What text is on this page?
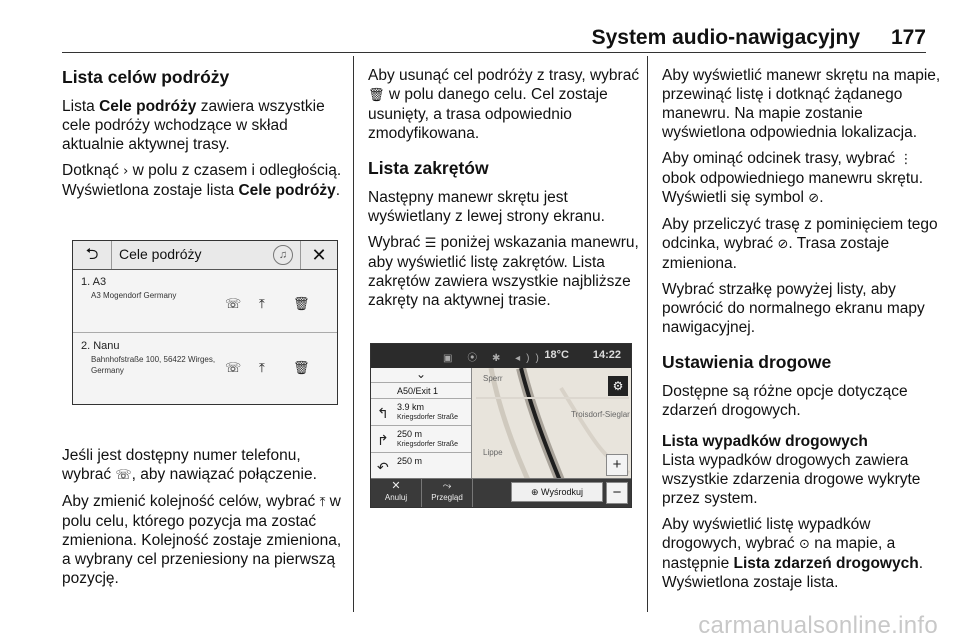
System audio-nawigacyjny 177
Lista celów podróży

Lista Cele podróży zawiera wszystkie cele podróży wchodzące w skład aktualnie aktywnej trasy.

Dotknąć › w polu z czasem i odległością. Wyświetlona zostaje lista Cele podróży.

⮌	Cele podróży	♫	✕
1. A3
A3 Mogendorf Germany
☏ ⤒ 🗑
2. Nanu
Bahnhofstraße 100, 56422 Wirges,
Germany	☏ ⤒ 🗑

Jeśli jest dostępny numer telefonu, wybrać ☏, aby nawiązać połączenie.

Aby zmienić kolejność celów, wybrać ⤒ w polu celu, którego pozycja ma zostać zmieniona. Kolejność zostaje zmieniona, a wybrany cel przeniesiony na pierwszą pozycję.

Aby usunąć cel podróży z trasy, wybrać 🗑 w polu danego celu. Cel zostaje usunięty, a trasa odpowiednio zmodyfikowana.

Lista zakrętów

Następny manewr skrętu jest wyświetlany z lewej strony ekranu.

Wybrać ☰ poniżej wskazania manewru, aby wyświetlić listę zakrętów. Lista zakrętów zawiera wszystkie najbliższe zakręty na aktywnej trasie.

Sperr
Troisdorf-Sieglar
Lippe
▣ ⦿ ✱ ◂)) 18°C 14:22
⌄
A50/Exit 1
↰ 3.9 km
Kriegsdorfer Straße
↱ 250 m
Kriegsdorfer Straße
↶ 250 m
⚙
+
✕
Anuluj
⤳
Przegląd
⊕ Wyśrodkuj	−

Aby wyświetlić manewr skrętu na mapie, przewinąć listę i dotknąć żądanego manewru. Na mapie zostanie wyświetlona odpowiednia lokalizacja.

Aby ominąć odcinek trasy, wybrać ⋮ obok odpowiedniego manewru skrętu. Wyświetli się symbol ⊘.

Aby przeliczyć trasę z pominięciem tego odcinka, wybrać ⊘. Trasa zostaje zmieniona.

Wybrać strzałkę powyżej listy, aby powrócić do normalnego ekranu mapy nawigacyjnej.

Ustawienia drogowe

Dostępne są różne opcje dotyczące zdarzeń drogowych.

Lista wypadków drogowych

Lista wypadków drogowych zawiera wszystkie zdarzenia drogowe wykryte przez system.

Aby wyświetlić listę wypadków drogowych, wybrać ⊙ na mapie, a następnie Lista zdarzeń drogowych. Wyświetlona zostaje lista.

carmanualsonline.info
